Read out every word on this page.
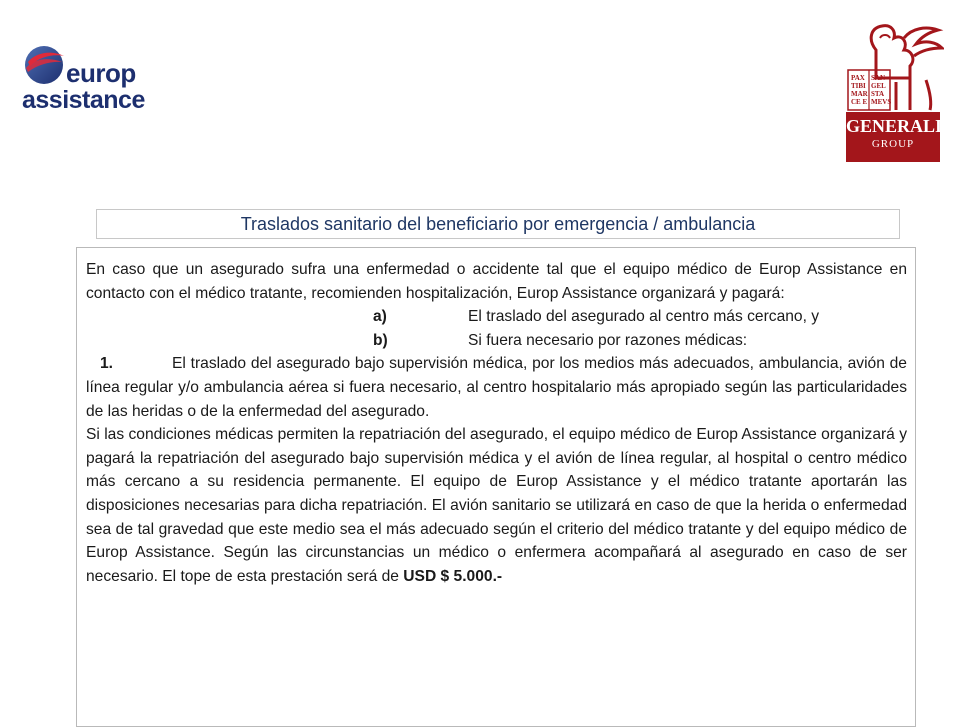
europ
assistance
PAX
TIBI
MAR
CE E
SAN
GEL
STA
MEVS
GENERALI
GROUP
Traslados sanitario del beneficiario por emergencia / ambulancia

En caso que un asegurado sufra una enfermedad o accidente tal que el equipo médico de Europ Assistance en contacto con el médico tratante, recomienden hospitalización, Europ Assistance organizará y pagará:

a)	El traslado del asegurado al centro más cercano, y
b)	Si fuera necesario por razones médicas:

1.	El traslado del asegurado bajo supervisión médica, por los medios más adecuados, ambulancia, avión de línea regular y/o ambulancia aérea si fuera necesario, al centro hospitalario más apropiado según las particularidades de las heridas o de la enfermedad del asegurado.

Si las condiciones médicas permiten la repatriación del asegurado, el equipo médico de Europ Assistance organizará y pagará la repatriación del asegurado bajo supervisión médica y el avión de línea regular, al hospital o centro médico más cercano a su residencia permanente. El equipo de Europ Assistance y el médico tratante aportarán las disposiciones necesarias para dicha repatriación. El avión sanitario se utilizará en caso de que la herida o enfermedad sea de tal gravedad que este medio sea el más adecuado según el criterio del médico tratante y del equipo médico de Europ Assistance. Según las circunstancias un médico o enfermera acompañará al asegurado en caso de ser necesario. El tope de esta prestación será de USD $ 5.000.-
